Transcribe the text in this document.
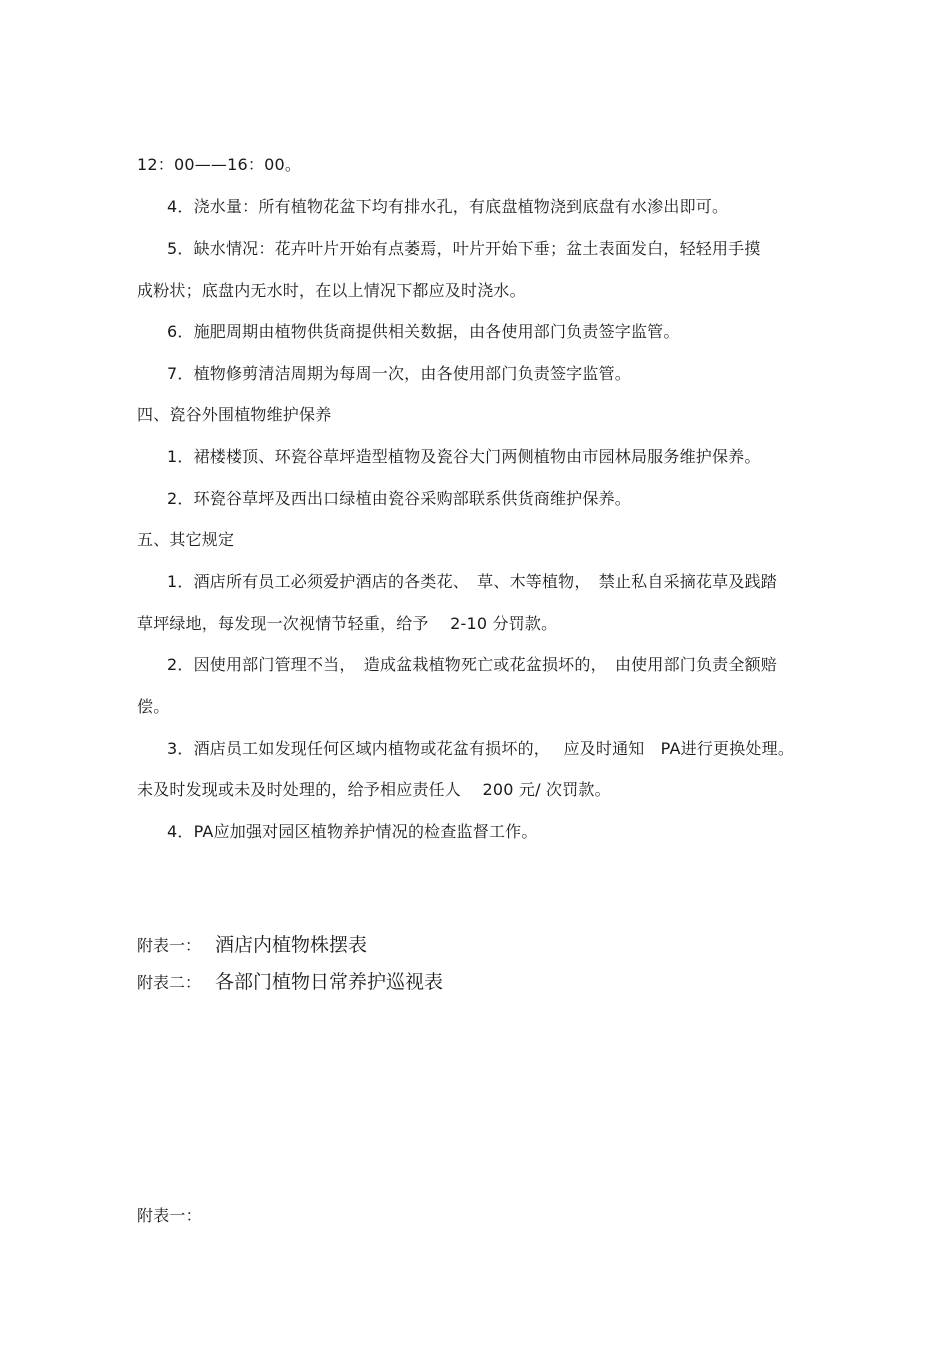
12：00——16：00。
4．浇水量：所有植物花盆下均有排水孔，有底盘植物浇到底盘有水渗出即可。
5．缺水情况：花卉叶片开始有点萎焉，叶片开始下垂；盆土表面发白，轻轻用手摸
成粉状；底盘内无水时，在以上情况下都应及时浇水。
6．施肥周期由植物供货商提供相关数据，由各使用部门负责签字监管。
7．植物修剪清洁周期为每周一次，由各使用部门负责签字监管。
四、瓷谷外围植物维护保养
1．裙楼楼顶、环瓷谷草坪造型植物及瓷谷大门两侧植物由市园林局服务维护保养。
2．环瓷谷草坪及西出口绿植由瓷谷采购部联系供货商维护保养。
五、其它规定
1．酒店所有员工必须爱护酒店的各类花、　草、木等植物，　禁止私自采摘花草及践踏
草坪绿地，每发现一次视情节轻重，给予　 2-10 分罚款。
2．因使用部门管理不当，　造成盆栽植物死亡或花盆损坏的，　由使用部门负责全额赔
偿。
3．酒店员工如发现任何区域内植物或花盆有损坏的，　 应及时通知　PA进行更换处理。
未及时发现或未及时处理的，给予相应责任人　 200 元/ 次罚款。
4．PA应加强对园区植物养护情况的检查监督工作。
附表一： 酒店内植物株摆表
附表二： 各部门植物日常养护巡视表
附表一：
